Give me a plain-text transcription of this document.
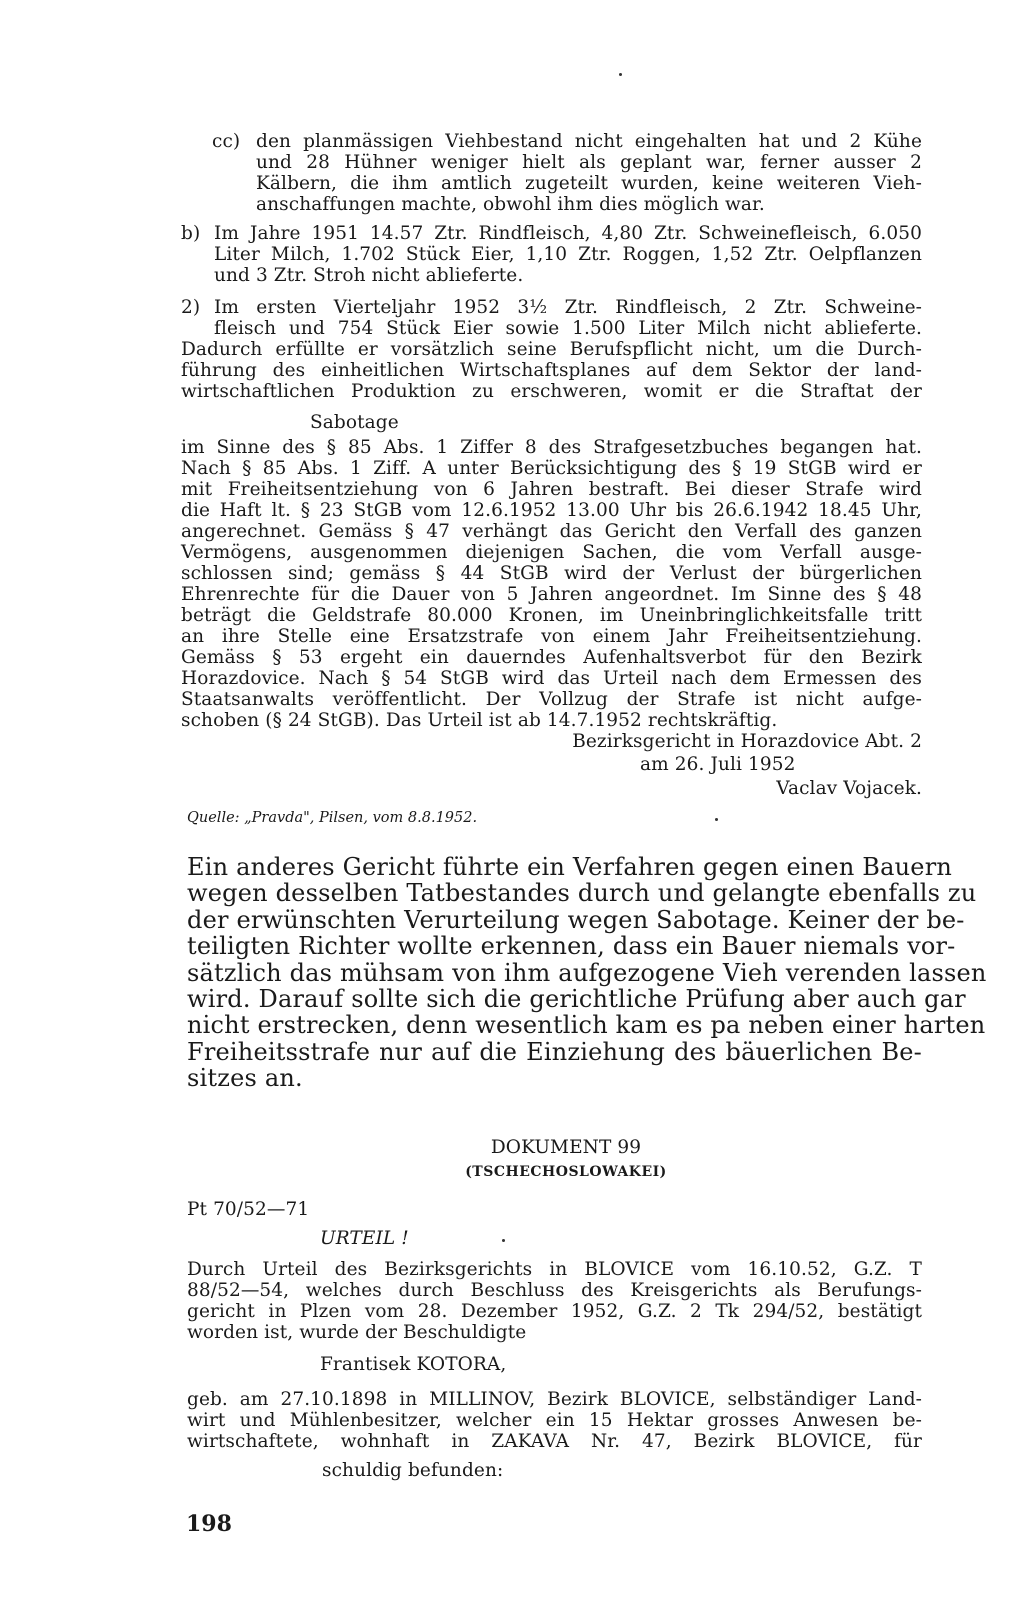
cc) den planmässigen Viehbestand nicht eingehalten hat und 2 Kühe
und 28 Hühner weniger hielt als geplant war, ferner ausser 2
Kälbern, die ihm amtlich zugeteilt wurden, keine weiteren Vieh-
anschaffungen machte, obwohl ihm dies möglich war.
b) Im Jahre 1951 14.57 Ztr. Rindfleisch, 4,80 Ztr. Schweinefleisch, 6.050
Liter Milch, 1.702 Stück Eier, 1,10 Ztr. Roggen, 1,52 Ztr. Oelpflanzen
und 3 Ztr. Stroh nicht ablieferte.
2) Im ersten Vierteljahr 1952 3½ Ztr. Rindfleisch, 2 Ztr. Schweine-
fleisch und 754 Stück Eier sowie 1.500 Liter Milch nicht ablieferte.
Dadurch erfüllte er vorsätzlich seine Berufspflicht nicht, um die Durch-
führung des einheitlichen Wirtschaftsplanes auf dem Sektor der land-
wirtschaftlichen Produktion zu erschweren, womit er die Straftat der
Sabotage
im Sinne des § 85 Abs. 1 Ziffer 8 des Strafgesetzbuches begangen hat.
Nach § 85 Abs. 1 Ziff. A unter Berücksichtigung des § 19 StGB wird er
mit Freiheitsentziehung von 6 Jahren bestraft. Bei dieser Strafe wird
die Haft lt. § 23 StGB vom 12.6.1952 13.00 Uhr bis 26.6.1942 18.45 Uhr,
angerechnet. Gemäss § 47 verhängt das Gericht den Verfall des ganzen
Vermögens, ausgenommen diejenigen Sachen, die vom Verfall ausge-
schlossen sind; gemäss § 44 StGB wird der Verlust der bürgerlichen
Ehrenrechte für die Dauer von 5 Jahren angeordnet. Im Sinne des § 48
beträgt die Geldstrafe 80.000 Kronen, im Uneinbringlichkeitsfalle tritt
an ihre Stelle eine Ersatzstrafe von einem Jahr Freiheitsentziehung.
Gemäss § 53 ergeht ein dauerndes Aufenhaltsverbot für den Bezirk
Horazdovice. Nach § 54 StGB wird das Urteil nach dem Ermessen des
Staatsanwalts veröffentlicht. Der Vollzug der Strafe ist nicht aufge-
schoben (§ 24 StGB). Das Urteil ist ab 14.7.1952 rechtskräftig.
Bezirksgericht in Horazdovice Abt. 2
am 26. Juli 1952
Vaclav Vojacek.
Quelle: „Pravda", Pilsen, vom 8.8.1952.
Ein anderes Gericht führte ein Verfahren gegen einen Bauern
wegen desselben Tatbestandes durch und gelangte ebenfalls zu
der erwünschten Verurteilung wegen Sabotage. Keiner der be-
teiligten Richter wollte erkennen, dass ein Bauer niemals vor-
sätzlich das mühsam von ihm aufgezogene Vieh verenden lassen
wird. Darauf sollte sich die gerichtliche Prüfung aber auch gar
nicht erstrecken, denn wesentlich kam es pa neben einer harten
Freiheitsstrafe nur auf die Einziehung des bäuerlichen Be-
sitzes an.
DOKUMENT 99
(TSCHECHOSLOWAKEI)
Pt 70/52—71
URTEIL !
Durch Urteil des Bezirksgerichts in BLOVICE vom 16.10.52, G.Z. T
88/52—54, welches durch Beschluss des Kreisgerichts als Berufungs-
gericht in Plzen vom 28. Dezember 1952, G.Z. 2 Tk 294/52, bestätigt
worden ist, wurde der Beschuldigte
Frantisek KOTORA,
geb. am 27.10.1898 in MILLINOV, Bezirk BLOVICE, selbständiger Land-
wirt und Mühlenbesitzer, welcher ein 15 Hektar grosses Anwesen be-
wirtschaftete, wohnhaft in ZAKAVA Nr. 47, Bezirk BLOVICE, für
schuldig befunden:
198
